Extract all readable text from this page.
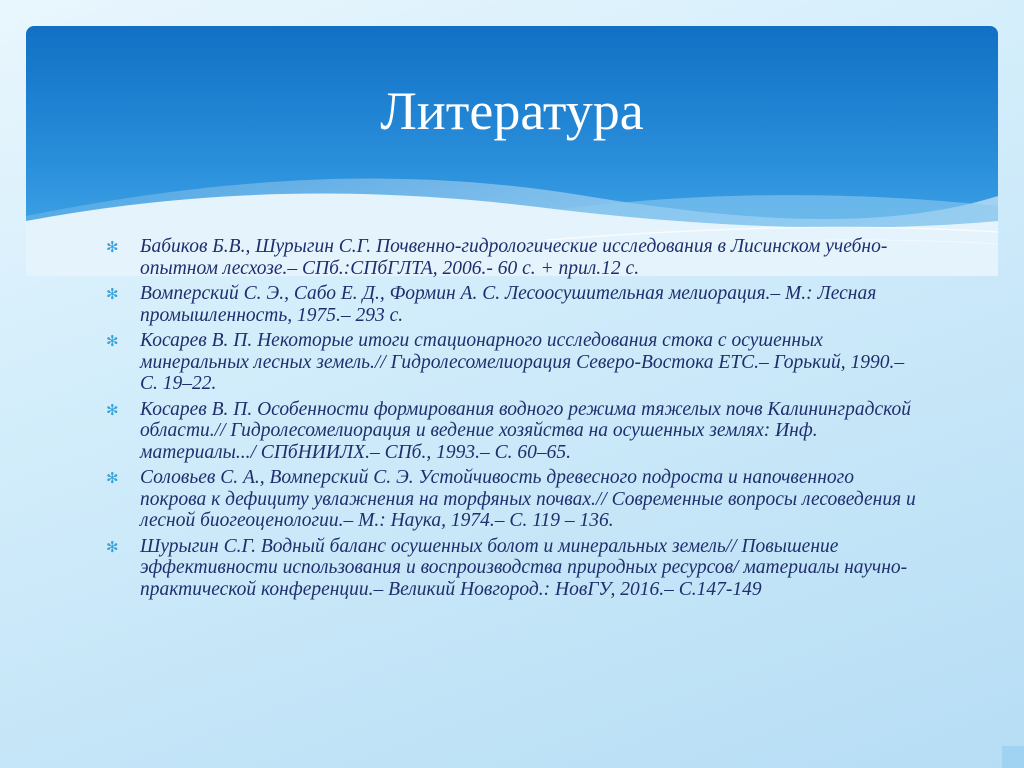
Литература
✻ Бабиков Б.В., Шурыгин С.Г. Почвенно-гидрологические исследования в Лисинском учебно-опытном лесхозе.– СПб.:СПбГЛТА, 2006.- 60 с. + прил.12 с.
✻ Вомперский С. Э., Сабо Е. Д., Формин А. С. Лесоосушительная мелиорация.– М.: Лесная промышленность, 1975.– 293 с.
✻ Косарев В. П. Некоторые итоги стационарного исследования стока с осушенных минеральных лесных земель.// Гидролесомелиорация Северо-Востока ЕТС.– Горький, 1990.– С. 19–22.
✻ Косарев В. П. Особенности формирования водного режима тяжелых почв Калининградской области.// Гидролесомелиорация и ведение хозяйства на осушенных землях: Инф. материалы.../ СПбНИИЛХ.– СПб., 1993.– С. 60–65.
✻ Соловьев С. А., Вомперский С. Э. Устойчивость древесного подроста и напочвенного покрова к дефициту увлажнения на торфяных почвах.// Современные вопросы лесоведения и лесной биогеоценологии.– М.: Наука, 1974.– С. 119 – 136.
✻ Шурыгин С.Г. Водный баланс осушенных болот и минеральных земель// Повышение эффективности использования и воспроизводства природных ресурсов/ материалы научно-практической конференции.– Великий Новгород.: НовГУ, 2016.– С.147-149
